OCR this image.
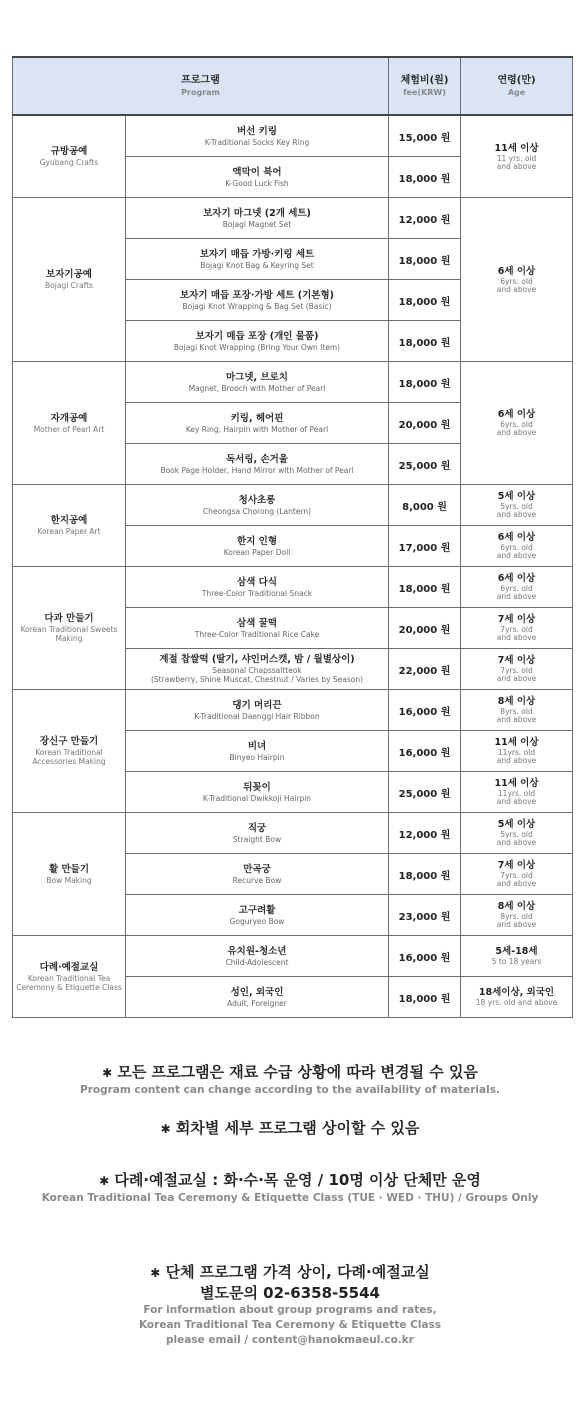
프로그램
Program		체험비(원)
fee(KRW)	연령(만)
Age

규방공예
Gyubang Crafts	버선 키링
K-Traditional Socks Key Ring	15,000 원	11세 이상
11 yrs. old
and above

	액막이 북어
K-Good Luck Fish	18,000 원	

보자기공예
Bojagi Crafts	보자기 마그넷 (2개 세트)
Bojagi Magnet Set	12,000 원	6세 이상
6yrs. old
and above

	보자기 매듭 가방·키링 세트
Bojagi Knot Bag & Keyring Set	18,000 원	

	보자기 매듭 포장·가방 세트 (기본형)
Bojagi Knot Wrapping & Bag Set (Basic)	18,000 원	

	보자기 매듭 포장 (개인 물품)
Bojagi Knot Wrapping (Bring Your Own Item)	18,000 원	

자개공예
Mother of Pearl Art	마그넷, 브로치
Magnet, Brooch with Mother of Pearl	18,000 원	6세 이상
6yrs. old
and above

	키링, 헤어핀
Key Ring, Hairpin with Mother of Pearl	20,000 원	

	독서링, 손거울
Book Page Holder, Hand Mirror with Mother of Pearl	25,000 원	

한지공예
Korean Paper Art	청사초롱
Cheongsa Chorong (Lantern)	8,000 원	5세 이상
5yrs. old
and above

	한지 인형
Korean Paper Doll	17,000 원	6세 이상
6yrs. old
and above

다과 만들기
Korean Traditional Sweets Making	삼색 다식
Three-Color Traditional Snack	18,000 원	6세 이상
6yrs. old
and above

	삼색 꿀떡
Three-Color Traditional Rice Cake	20,000 원	7세 이상
7yrs. old
and above

	계절 찹쌀떡 (딸기, 샤인머스캣, 밤 / 월별상이)
Seasonal Chapssaltteok
(Strawberry, Shine Muscat, Chestnut / Varies by Season)	22,000 원	7세 이상
7yrs. old
and above

장신구 만들기
Korean Traditional Accessories Making	댕기 머리끈
K-Traditional Daenggi Hair Ribbon	16,000 원	8세 이상
8yrs. old
and above

	비녀
Binyeo Hairpin	16,000 원	11세 이상
11yrs. old
and above

	뒤꽂이
K-Traditional Dwikkoji Hairpin	25,000 원	11세 이상
11yrs. old
and above

활 만들기
Bow Making	직궁
Straight Bow	12,000 원	5세 이상
5yrs. old
and above

	만곡궁
Recurve Bow	18,000 원	7세 이상
7yrs. old
and above

	고구려활
Goguryeo Bow	23,000 원	8세 이상
8yrs. old
and above

다례·예절교실
Korean Traditional Tea Ceremony & Etiquette Class	유치원-청소년
Child-Adolescent	16,000 원	5세-18세
5 to 18 years

	성인, 외국인
Adult, Foreigner	18,000 원	18세이상, 외국인
18 yrs. old and above
✱ 모든 프로그램은 재료 수급 상황에 따라 변경될 수 있음
Program content can change according to the availability of materials.
✱ 회차별 세부 프로그램 상이할 수 있음
✱ 다례·예절교실 : 화·수·목 운영 / 10명 이상 단체만 운영
Korean Traditional Tea Ceremony & Etiquette Class (TUE · WED · THU) / Groups Only
✱ 단체 프로그램 가격 상이, 다례·예절교실
별도문의 02-6358-5544
For information about group programs and rates,
Korean Traditional Tea Ceremony & Etiquette Class
please email / content@hanokmaeul.co.kr
